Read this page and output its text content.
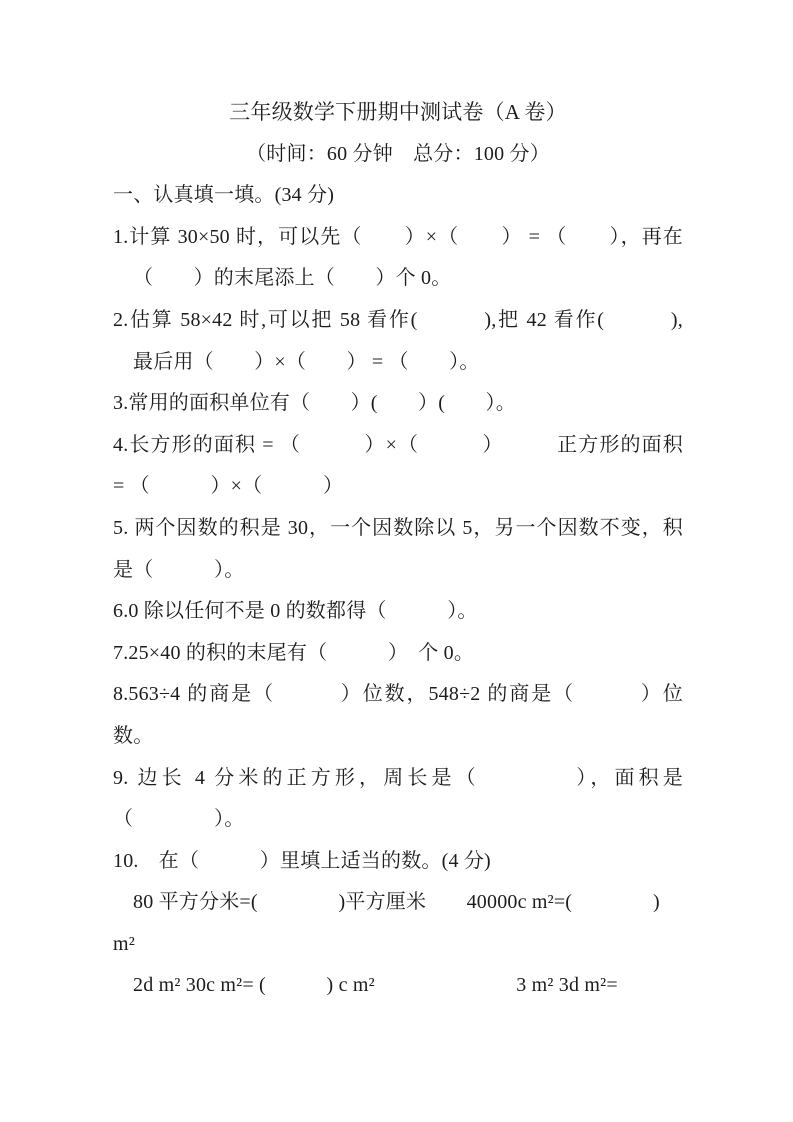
三年级数学下册期中测试卷（A 卷）
（时间：60 分钟　总分：100 分）
一、认真填一填。(34 分)
1.计算 30×50 时，可以先（　　）×（　　） = （　　），再在
（　　）的末尾添上（　　）个 0。
2.估算 58×42 时,可以把 58 看作(　　　),把 42 看作(　　　),
最后用（　　）×（　　） = （　　）。
3.常用的面积单位有（　　）(　　）(　　）。
4.长方形的面积 = （　　　）×（　　　）　　　正方形的面积
= （　　　）×（　　　）
5. 两个因数的积是 30，一个因数除以 5，另一个因数不变，积
是（　　　）。
6.0 除以任何不是 0 的数都得（　　　）。
7.25×40 的积的末尾有（　　　）　个 0。
8.563÷4 的商是（　　　）位数，548÷2 的商是（　　　）位
数。
9. 边长 4 分米的正方形，周长是（　　　　），面积是
（　　　　）。
10.　在（　　　）里填上适当的数。(4 分)
80 平方分米=(　　　　)平方厘米　　40000c m²=(　　　　)
m²
2d m² 30c m²= (　　　) c m²　　　　　　　3 m² 3d m²=
